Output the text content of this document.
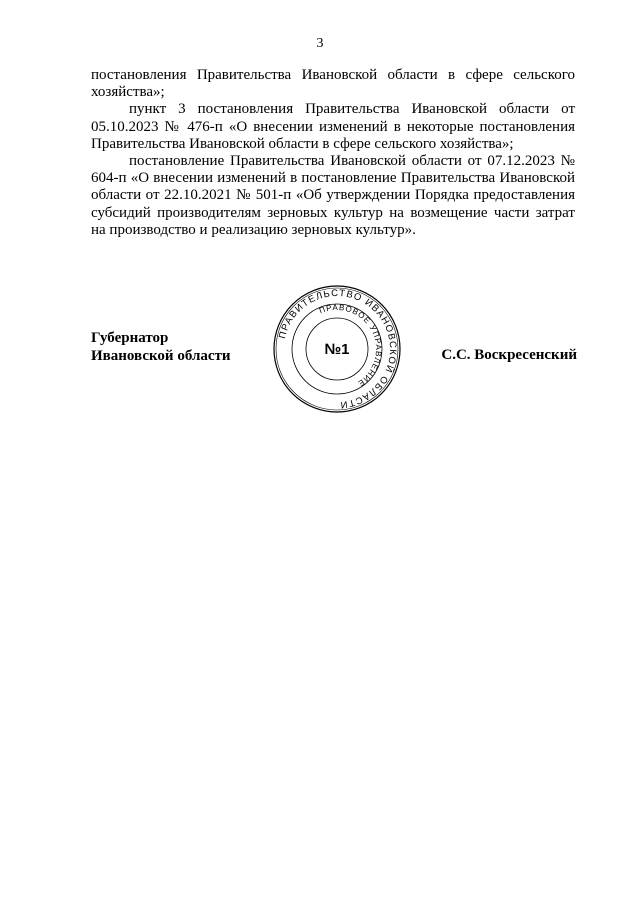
3

постановления Правительства Ивановской области в сфере сельского хозяйства»;

пункт 3 постановления Правительства Ивановской области от 05.10.2023 № 476-п «О внесении изменений в некоторые постановления Правительства Ивановской области в сфере сельского хозяйства»;

постановление Правительства Ивановской области от 07.12.2023 № 604-п «О внесении изменений в постановление Правительства Ивановской области от 22.10.2021 № 501-п «Об утверждении Порядка предоставления субсидий производителям зерновых культур на возмещение части затрат на производство и реализацию зерновых культур».

Губернатор
Ивановской области	С.С. Воскресенский
ПРАВИТЕЛЬСТВО ИВАНОВСКОЙ ОБЛАСТИ
ПРАВОВОЕ УПРАВЛЕНИЕ
№1
